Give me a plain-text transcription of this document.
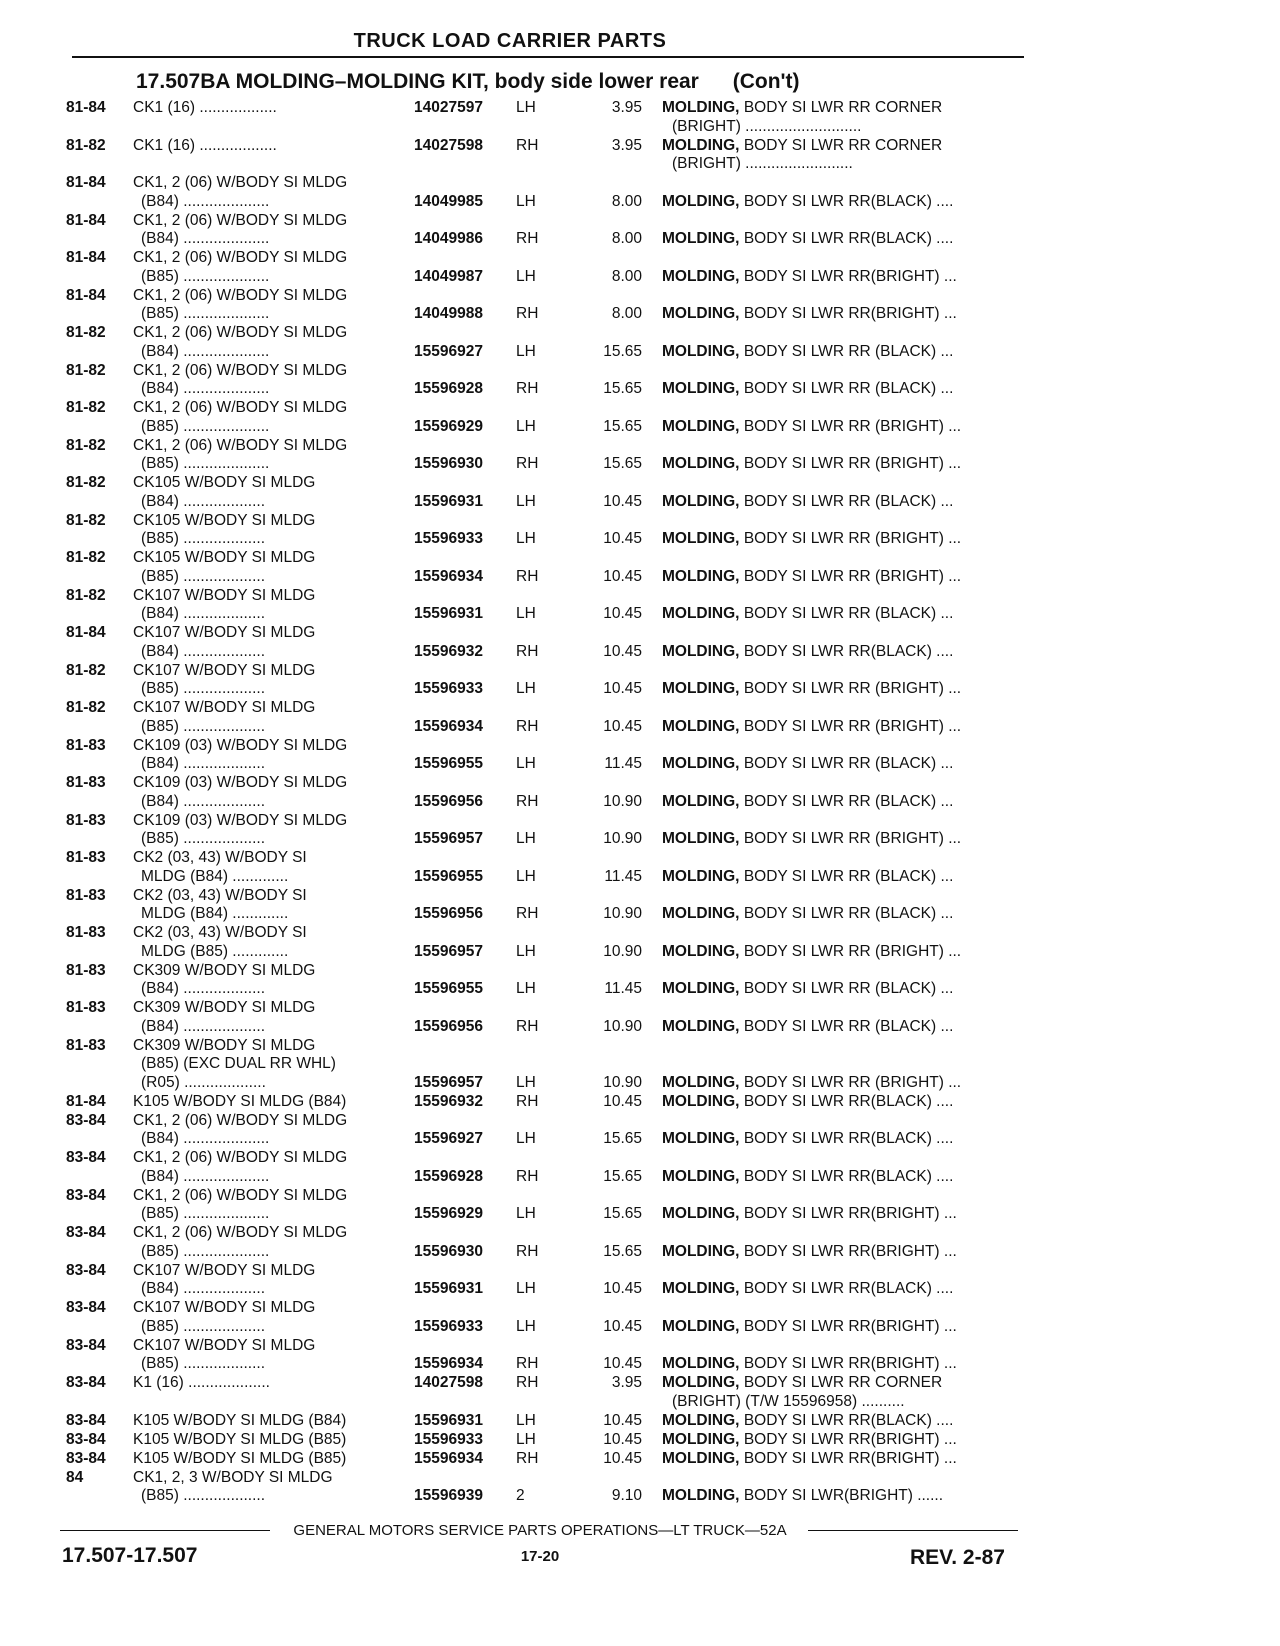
TRUCK LOAD CARRIER PARTS
17.507BA MOLDING–MOLDING KIT, body side lower rear (Con't)
81-84 CK1 (16) ..................	14027597 LH	3.95 MOLDING, BODY SI LWR RR CORNER
(BRIGHT) ...........................
81-82 CK1 (16) ..................	14027598 RH	3.95 MOLDING, BODY SI LWR RR CORNER
(BRIGHT) .........................
81-84 CK1, 2 (06) W/BODY SI MLDG
(B84) ....................	14049985 LH	8.00 MOLDING, BODY SI LWR RR(BLACK) ....
81-84 CK1, 2 (06) W/BODY SI MLDG
(B84) ....................	14049986 RH	8.00 MOLDING, BODY SI LWR RR(BLACK) ....
81-84 CK1, 2 (06) W/BODY SI MLDG
(B85) ....................	14049987 LH	8.00 MOLDING, BODY SI LWR RR(BRIGHT) ...
81-84 CK1, 2 (06) W/BODY SI MLDG
(B85) ....................	14049988 RH	8.00 MOLDING, BODY SI LWR RR(BRIGHT) ...
81-82 CK1, 2 (06) W/BODY SI MLDG
(B84) ....................	15596927 LH	15.65 MOLDING, BODY SI LWR RR (BLACK) ...
81-82 CK1, 2 (06) W/BODY SI MLDG
(B84) ....................	15596928 RH	15.65 MOLDING, BODY SI LWR RR (BLACK) ...
81-82 CK1, 2 (06) W/BODY SI MLDG
(B85) ....................	15596929 LH	15.65 MOLDING, BODY SI LWR RR (BRIGHT) ...
81-82 CK1, 2 (06) W/BODY SI MLDG
(B85) ....................	15596930 RH	15.65 MOLDING, BODY SI LWR RR (BRIGHT) ...
81-82 CK105 W/BODY SI MLDG
(B84) ...................	15596931 LH	10.45 MOLDING, BODY SI LWR RR (BLACK) ...
81-82 CK105 W/BODY SI MLDG
(B85) ...................	15596933 LH	10.45 MOLDING, BODY SI LWR RR (BRIGHT) ...
81-82 CK105 W/BODY SI MLDG
(B85) ...................	15596934 RH	10.45 MOLDING, BODY SI LWR RR (BRIGHT) ...
81-82 CK107 W/BODY SI MLDG
(B84) ...................	15596931 LH	10.45 MOLDING, BODY SI LWR RR (BLACK) ...
81-84 CK107 W/BODY SI MLDG
(B84) ...................	15596932 RH	10.45 MOLDING, BODY SI LWR RR(BLACK) ....
81-82 CK107 W/BODY SI MLDG
(B85) ...................	15596933 LH	10.45 MOLDING, BODY SI LWR RR (BRIGHT) ...
81-82 CK107 W/BODY SI MLDG
(B85) ...................	15596934 RH	10.45 MOLDING, BODY SI LWR RR (BRIGHT) ...
81-83 CK109 (03) W/BODY SI MLDG
(B84) ...................	15596955 LH	11.45 MOLDING, BODY SI LWR RR (BLACK) ...
81-83 CK109 (03) W/BODY SI MLDG
(B84) ...................	15596956 RH	10.90 MOLDING, BODY SI LWR RR (BLACK) ...
81-83 CK109 (03) W/BODY SI MLDG
(B85) ...................	15596957 LH	10.90 MOLDING, BODY SI LWR RR (BRIGHT) ...
81-83 CK2 (03, 43) W/BODY SI
MLDG (B84) .............	15596955 LH	11.45 MOLDING, BODY SI LWR RR (BLACK) ...
81-83 CK2 (03, 43) W/BODY SI
MLDG (B84) .............	15596956 RH	10.90 MOLDING, BODY SI LWR RR (BLACK) ...
81-83 CK2 (03, 43) W/BODY SI
MLDG (B85) .............	15596957 LH	10.90 MOLDING, BODY SI LWR RR (BRIGHT) ...
81-83 CK309 W/BODY SI MLDG
(B84) ...................	15596955 LH	11.45 MOLDING, BODY SI LWR RR (BLACK) ...
81-83 CK309 W/BODY SI MLDG
(B84) ...................	15596956 RH	10.90 MOLDING, BODY SI LWR RR (BLACK) ...
81-83 CK309 W/BODY SI MLDG
(B85) (EXC DUAL RR WHL)
(R05) ...................	15596957 LH	10.90 MOLDING, BODY SI LWR RR (BRIGHT) ...
81-84 K105 W/BODY SI MLDG (B84)	15596932 RH	10.45 MOLDING, BODY SI LWR RR(BLACK) ....
83-84 CK1, 2 (06) W/BODY SI MLDG
(B84) ....................	15596927 LH	15.65 MOLDING, BODY SI LWR RR(BLACK) ....
83-84 CK1, 2 (06) W/BODY SI MLDG
(B84) ....................	15596928 RH	15.65 MOLDING, BODY SI LWR RR(BLACK) ....
83-84 CK1, 2 (06) W/BODY SI MLDG
(B85) ....................	15596929 LH	15.65 MOLDING, BODY SI LWR RR(BRIGHT) ...
83-84 CK1, 2 (06) W/BODY SI MLDG
(B85) ....................	15596930 RH	15.65 MOLDING, BODY SI LWR RR(BRIGHT) ...
83-84 CK107 W/BODY SI MLDG
(B84) ...................	15596931 LH	10.45 MOLDING, BODY SI LWR RR(BLACK) ....
83-84 CK107 W/BODY SI MLDG
(B85) ...................	15596933 LH	10.45 MOLDING, BODY SI LWR RR(BRIGHT) ...
83-84 CK107 W/BODY SI MLDG
(B85) ...................	15596934 RH	10.45 MOLDING, BODY SI LWR RR(BRIGHT) ...
83-84 K1 (16) ...................	14027598 RH	3.95 MOLDING, BODY SI LWR RR CORNER
(BRIGHT) (T/W 15596958) ..........
83-84 K105 W/BODY SI MLDG (B84)	15596931 LH	10.45 MOLDING, BODY SI LWR RR(BLACK) ....
83-84 K105 W/BODY SI MLDG (B85)	15596933 LH	10.45 MOLDING, BODY SI LWR RR(BRIGHT) ...
83-84 K105 W/BODY SI MLDG (B85)	15596934 RH	10.45 MOLDING, BODY SI LWR RR(BRIGHT) ...
84	CK1, 2, 3 W/BODY SI MLDG
(B85) ...................	15596939 2	9.10 MOLDING, BODY SI LWR(BRIGHT) ......
GENERAL MOTORS SERVICE PARTS OPERATIONS—LT TRUCK—52A
17.507-17.507	17-20	REV. 2-87
